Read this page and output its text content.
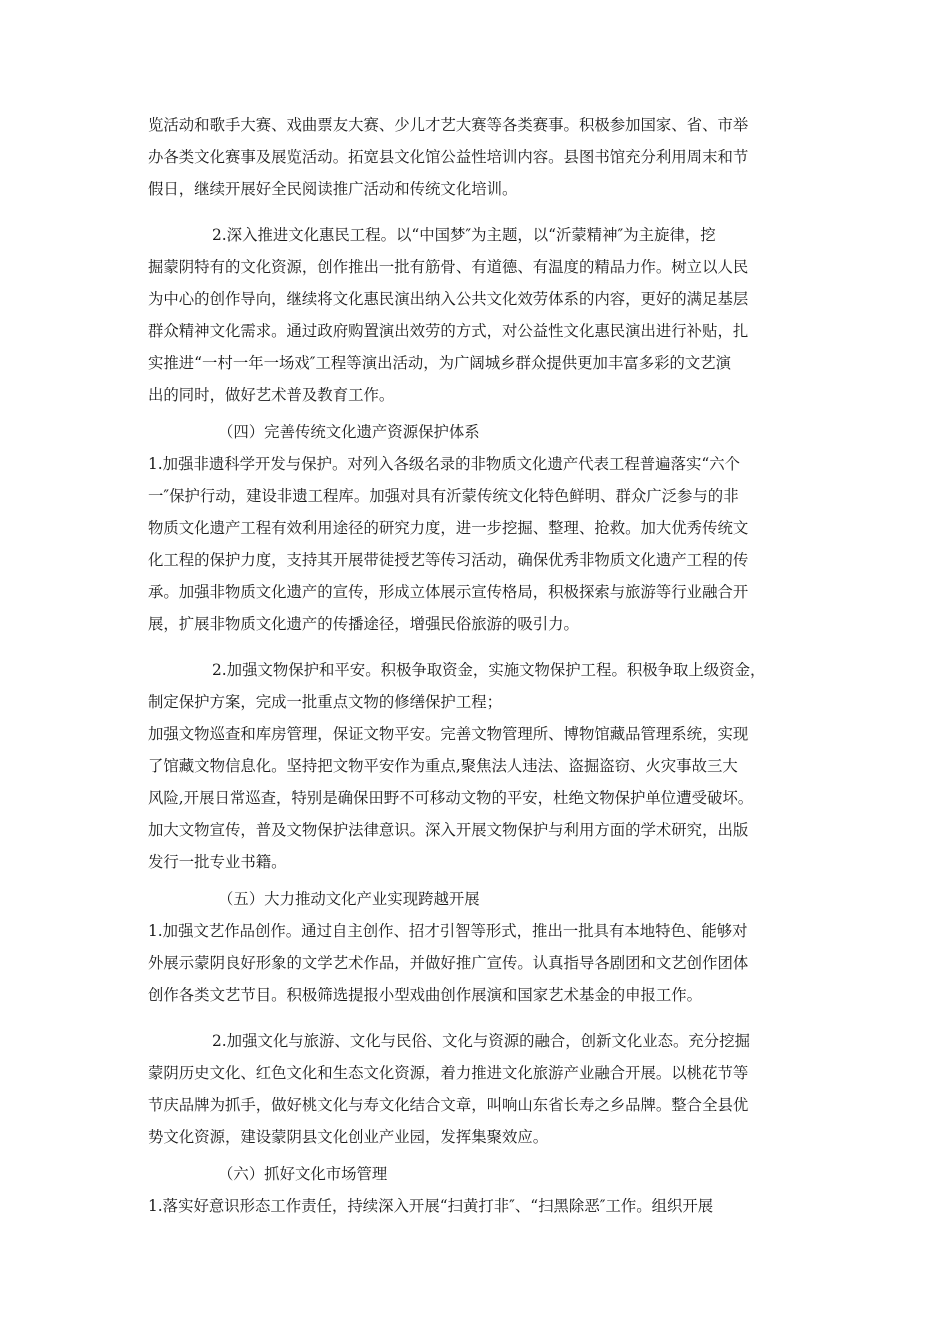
览活动和歌手大赛、戏曲票友大赛、少儿才艺大赛等各类赛事。积极参加国家、省、市举
办各类文化赛事及展览活动。拓宽县文化馆公益性培训内容。县图书馆充分利用周末和节
假日，继续开展好全民阅读推广活动和传统文化培训。
2.深入推进文化惠民工程。以“中国梦″为主题，以“沂蒙精神″为主旋律，挖
掘蒙阴特有的文化资源，创作推出一批有筋骨、有道德、有温度的精品力作。树立以人民
为中心的创作导向，继续将文化惠民演出纳入公共文化效劳体系的内容，更好的满足基层
群众精神文化需求。通过政府购置演出效劳的方式，对公益性文化惠民演出进行补贴，扎
实推进“一村一年一场戏″工程等演出活动，为广阔城乡群众提供更加丰富多彩的文艺演
出的同时，做好艺术普及教育工作。
（四）完善传统文化遗产资源保护体系
1.加强非遗科学开发与保护。对列入各级名录的非物质文化遗产代表工程普遍落实“六个
一″保护行动，建设非遗工程库。加强对具有沂蒙传统文化特色鲜明、群众广泛参与的非
物质文化遗产工程有效利用途径的研究力度，进一步挖掘、整理、抢救。加大优秀传统文
化工程的保护力度，支持其开展带徒授艺等传习活动，确保优秀非物质文化遗产工程的传
承。加强非物质文化遗产的宣传，形成立体展示宣传格局，积极探索与旅游等行业融合开
展，扩展非物质文化遗产的传播途径，增强民俗旅游的吸引力。
2.加强文物保护和平安。积极争取资金，实施文物保护工程。积极争取上级资金，
制定保护方案，完成一批重点文物的修缮保护工程；
加强文物巡查和库房管理，保证文物平安。完善文物管理所、博物馆藏品管理系统，实现
了馆藏文物信息化。坚持把文物平安作为重点,聚焦法人违法、盗掘盗窃、火灾事故三大
风险,开展日常巡查，特别是确保田野不可移动文物的平安，杜绝文物保护单位遭受破坏。
加大文物宣传，普及文物保护法律意识。深入开展文物保护与利用方面的学术研究，出版
发行一批专业书籍。
（五）大力推动文化产业实现跨越开展
1.加强文艺作品创作。通过自主创作、招才引智等形式，推出一批具有本地特色、能够对
外展示蒙阴良好形象的文学艺术作品，并做好推广宣传。认真指导各剧团和文艺创作团体
创作各类文艺节目。积极筛选提报小型戏曲创作展演和国家艺术基金的申报工作。
2.加强文化与旅游、文化与民俗、文化与资源的融合，创新文化业态。充分挖掘
蒙阴历史文化、红色文化和生态文化资源，着力推进文化旅游产业融合开展。以桃花节等
节庆品牌为抓手，做好桃文化与寿文化结合文章，叫响山东省长寿之乡品牌。整合全县优
势文化资源，建设蒙阴县文化创业产业园，发挥集聚效应。
（六）抓好文化市场管理
1.落实好意识形态工作责任，持续深入开展“扫黄打非″、“扫黑除恶″工作。组织开展
